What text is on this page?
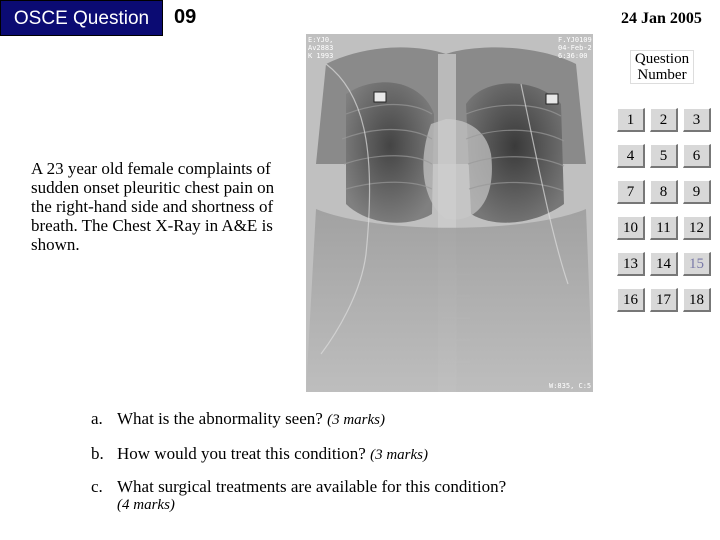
OSCE Question	09	24 Jan 2005
E:YJ0,
Av2883
K 1993
F.YJ0109
04-Feb-2
6:36:00
W:835, C:5
Question
Number
1	2	3
4	5	6
7	8	9
10	11	12
13	14	15
16	17	18
A 23 year old female complaints of sudden onset pleuritic chest pain on the right-hand side and shortness of breath. The Chest X-Ray in A&E is shown.
a. What is the abnormality seen? (3 marks)
b. How would you treat this condition? (3 marks)
c. What surgical treatments are available for this condition?
(4 marks)
